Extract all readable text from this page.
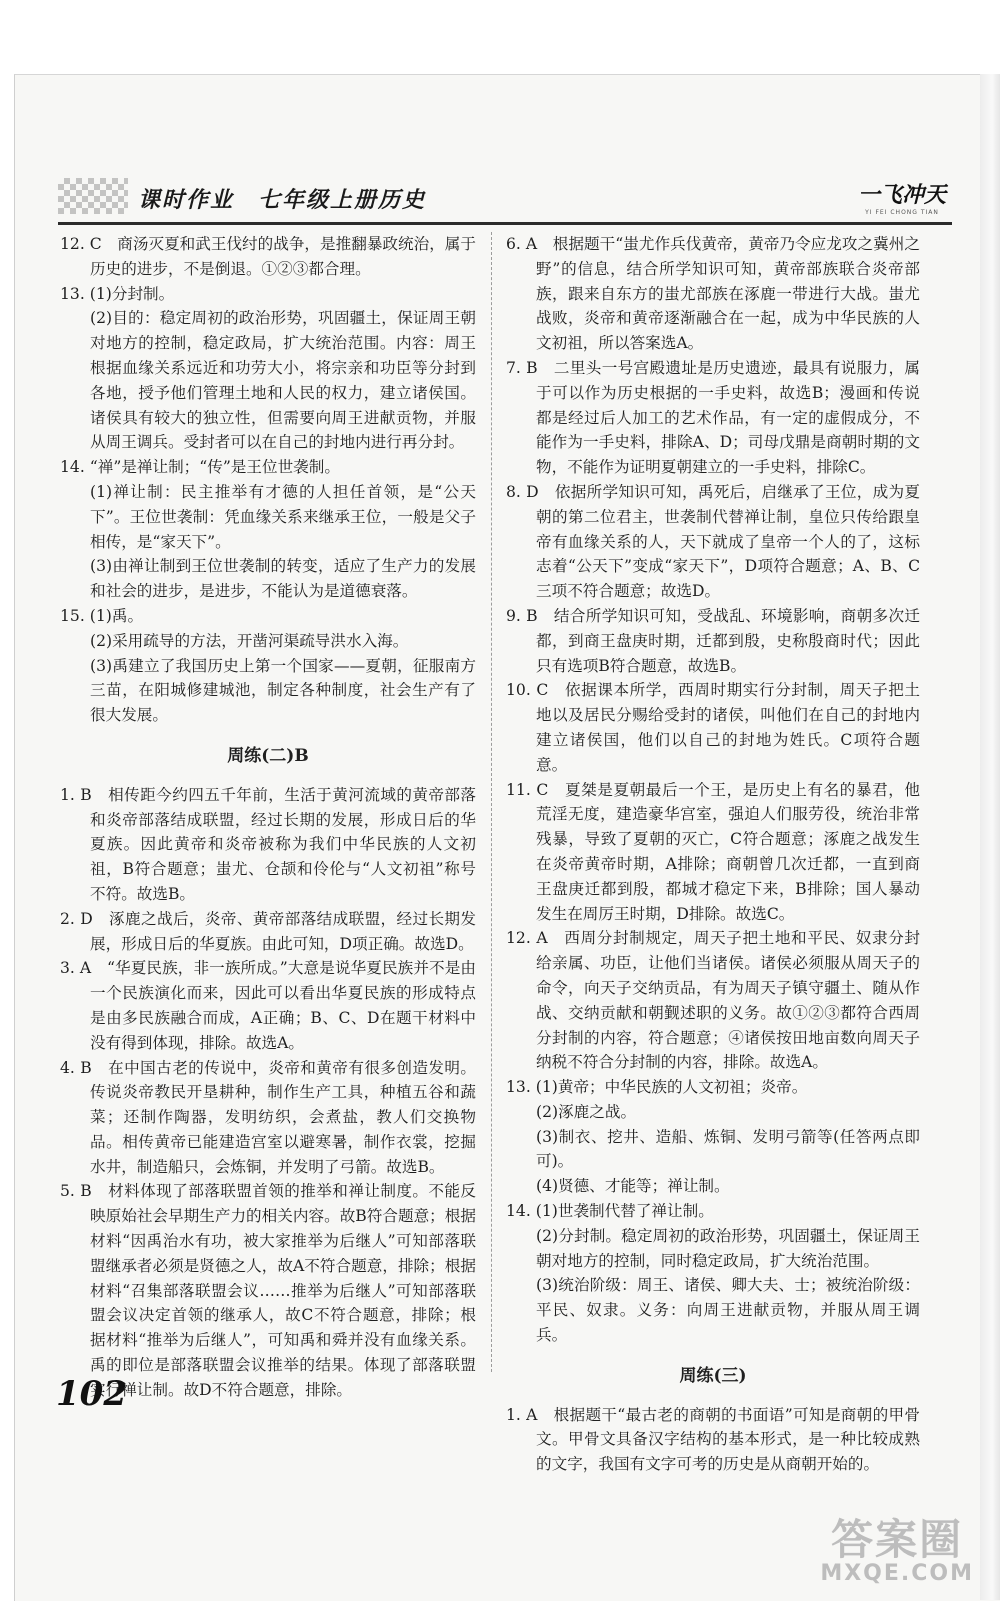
课时作业　七年级上册历史	一飞冲天
YI FEI CHONG TIAN

12. C　商汤灭夏和武王伐纣的战争，是推翻暴政统治，属于历史的进步，不是倒退。①②③都合理。

13. (1)分封制。

(2)目的：稳定周初的政治形势，巩固疆土，保证周王朝对地方的控制，稳定政局，扩大统治范围。内容：周王根据血缘关系远近和功劳大小，将宗亲和功臣等分封到各地，授予他们管理土地和人民的权力，建立诸侯国。诸侯具有较大的独立性，但需要向周王进献贡物，并服从周王调兵。受封者可以在自己的封地内进行再分封。

14. “禅”是禅让制；“传”是王位世袭制。

(1)禅让制：民主推举有才德的人担任首领，是“公天下”。王位世袭制：凭血缘关系来继承王位，一般是父子相传，是“家天下”。

(3)由禅让制到王位世袭制的转变，适应了生产力的发展和社会的进步，是进步，不能认为是道德衰落。

15. (1)禹。

(2)采用疏导的方法，开凿河渠疏导洪水入海。

(3)禹建立了我国历史上第一个国家——夏朝，征服南方三苗，在阳城修建城池，制定各种制度，社会生产有了很大发展。

周练(二)B

1. B　相传距今约四五千年前，生活于黄河流域的黄帝部落和炎帝部落结成联盟，经过长期的发展，形成日后的华夏族。因此黄帝和炎帝被称为我们中华民族的人文初祖，B符合题意；蚩尤、仓颉和伶伦与“人文初祖”称号不符。故选B。

2. D　涿鹿之战后，炎帝、黄帝部落结成联盟，经过长期发展，形成日后的华夏族。由此可知，D项正确。故选D。

3. A　“华夏民族，非一族所成。”大意是说华夏民族并不是由一个民族演化而来，因此可以看出华夏民族的形成特点是由多民族融合而成，A正确；B、C、D在题干材料中没有得到体现，排除。故选A。

4. B　在中国古老的传说中，炎帝和黄帝有很多创造发明。传说炎帝教民开垦耕种，制作生产工具，种植五谷和蔬菜；还制作陶器，发明纺织，会煮盐，教人们交换物品。相传黄帝已能建造宫室以避寒暑，制作衣裳，挖掘水井，制造船只，会炼铜，并发明了弓箭。故选B。

5. B　材料体现了部落联盟首领的推举和禅让制度。不能反映原始社会早期生产力的相关内容。故B符合题意；根据材料“因禹治水有功，被大家推举为后继人”可知部落联盟继承者必须是贤德之人，故A不符合题意，排除；根据材料“召集部落联盟会议……推举为后继人”可知部落联盟会议决定首领的继承人，故C不符合题意，排除；根据材料“推举为后继人”，可知禹和舜并没有血缘关系。禹的即位是部落联盟会议推举的结果。体现了部落联盟实行禅让制。故D不符合题意，排除。

6. A　根据题干“蚩尤作兵伐黄帝，黄帝乃令应龙攻之冀州之野”的信息，结合所学知识可知，黄帝部族联合炎帝部族，跟来自东方的蚩尤部族在涿鹿一带进行大战。蚩尤战败，炎帝和黄帝逐渐融合在一起，成为中华民族的人文初祖，所以答案选A。

7. B　二里头一号宫殿遗址是历史遗迹，最具有说服力，属于可以作为历史根据的一手史料，故选B；漫画和传说都是经过后人加工的艺术作品，有一定的虚假成分，不能作为一手史料，排除A、D；司母戊鼎是商朝时期的文物，不能作为证明夏朝建立的一手史料，排除C。

8. D　依据所学知识可知，禹死后，启继承了王位，成为夏朝的第二位君主，世袭制代替禅让制，皇位只传给跟皇帝有血缘关系的人，天下就成了皇帝一个人的了，这标志着“公天下”变成“家天下”，D项符合题意；A、B、C三项不符合题意；故选D。

9. B　结合所学知识可知，受战乱、环境影响，商朝多次迁都，到商王盘庚时期，迁都到殷，史称殷商时代；因此只有选项B符合题意，故选B。

10. C　依据课本所学，西周时期实行分封制，周天子把土地以及居民分赐给受封的诸侯，叫他们在自己的封地内建立诸侯国，他们以自己的封地为姓氏。C项符合题意。

11. C　夏桀是夏朝最后一个王，是历史上有名的暴君，他荒淫无度，建造豪华宫室，强迫人们服劳役，统治非常残暴，导致了夏朝的灭亡，C符合题意；涿鹿之战发生在炎帝黄帝时期，A排除；商朝曾几次迁都，一直到商王盘庚迁都到殷，都城才稳定下来，B排除；国人暴动发生在周厉王时期，D排除。故选C。

12. A　西周分封制规定，周天子把土地和平民、奴隶分封给亲属、功臣，让他们当诸侯。诸侯必须服从周天子的命令，向天子交纳贡品，有为周天子镇守疆土、随从作战、交纳贡献和朝觐述职的义务。故①②③都符合西周分封制的内容，符合题意；④诸侯按田地亩数向周天子纳税不符合分封制的内容，排除。故选A。

13. (1)黄帝；中华民族的人文初祖；炎帝。

(2)涿鹿之战。

(3)制衣、挖井、造船、炼铜、发明弓箭等(任答两点即可)。

(4)贤德、才能等；禅让制。

14. (1)世袭制代替了禅让制。

(2)分封制。稳定周初的政治形势，巩固疆土，保证周王朝对地方的控制，同时稳定政局，扩大统治范围。

(3)统治阶级：周王、诸侯、卿大夫、士；被统治阶级：平民、奴隶。义务：向周王进献贡物，并服从周王调兵。

周练(三)

1. A　根据题干“最古老的商朝的书面语”可知是商朝的甲骨文。甲骨文具备汉字结构的基本形式，是一种比较成熟的文字，我国有文字可考的历史是从商朝开始的。

102
答案圈
MXQE.COM
